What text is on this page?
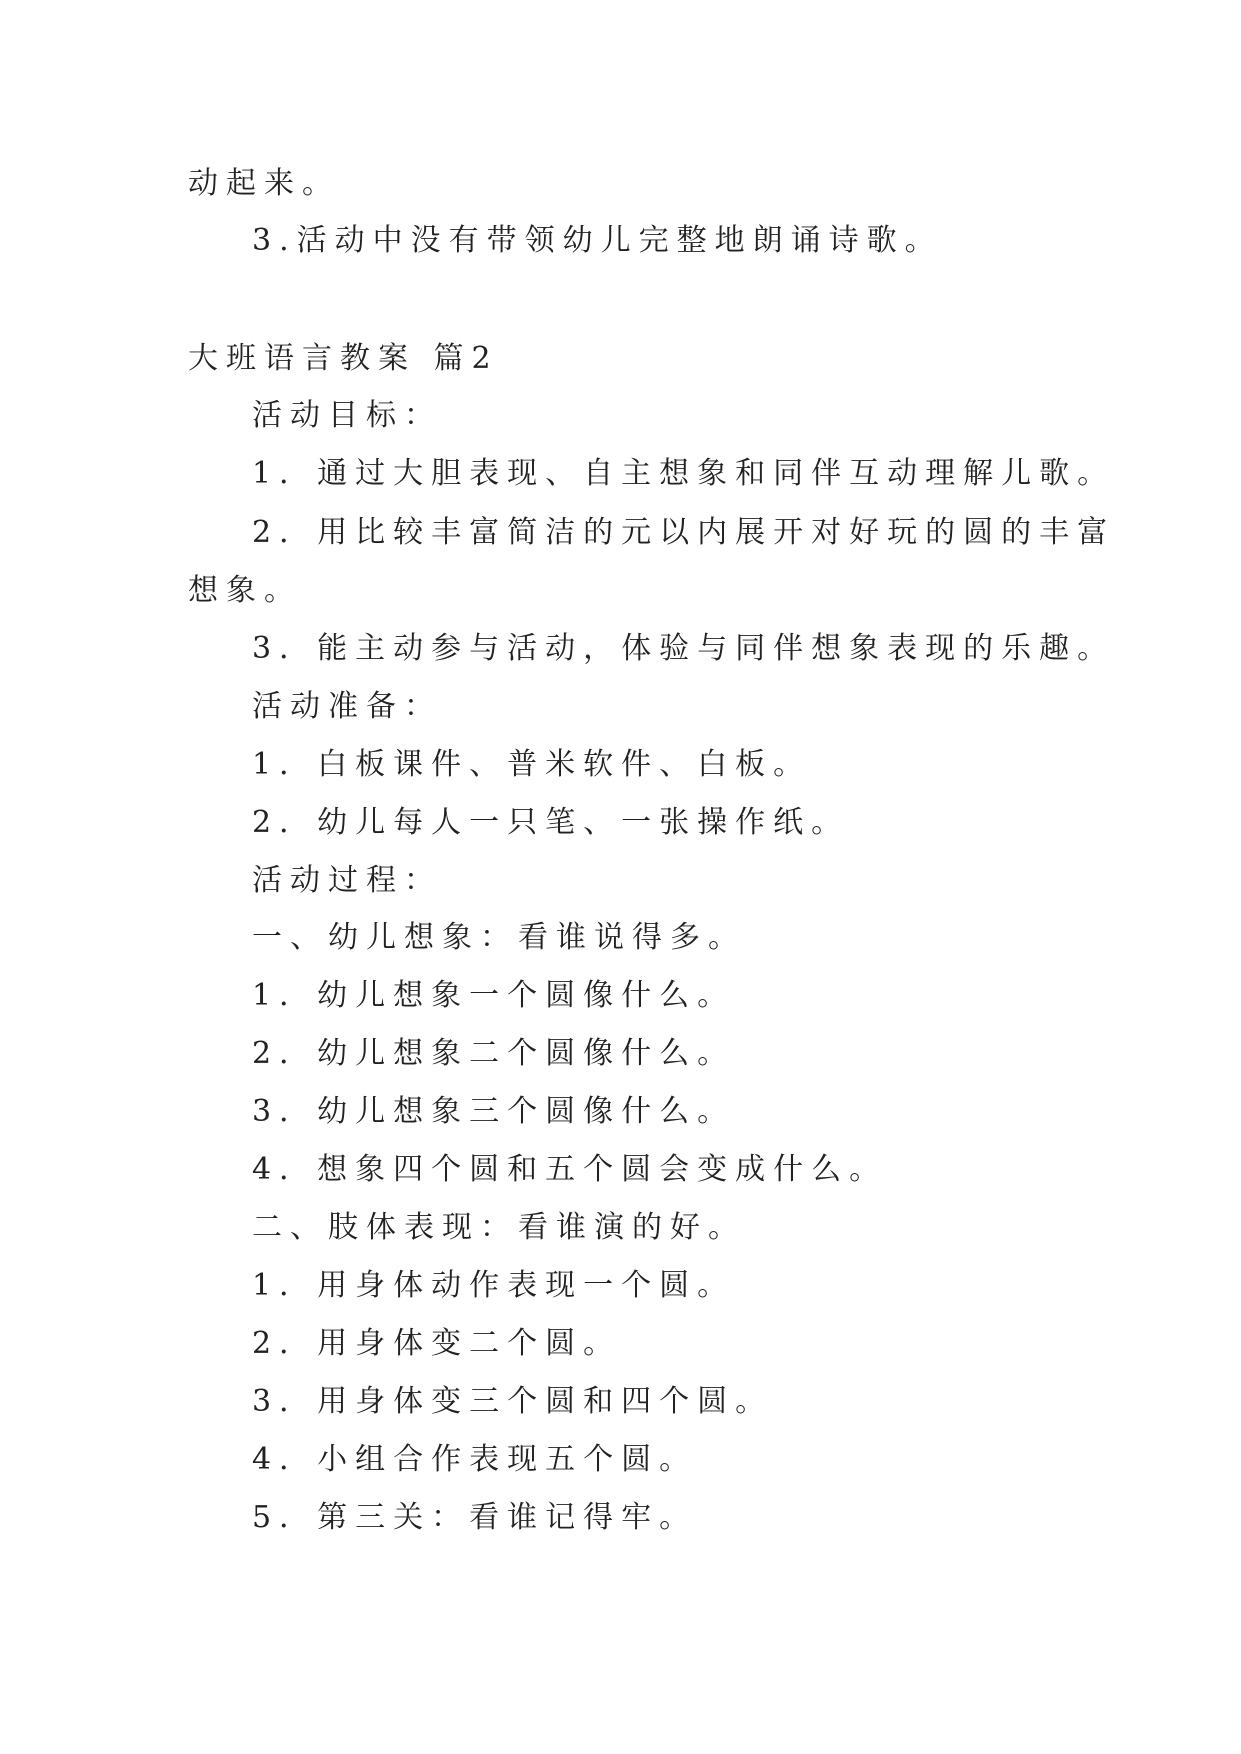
动起来。
3.活动中没有带领幼儿完整地朗诵诗歌。
大班语言教案 篇2
活动目标：
1．通过大胆表现、自主想象和同伴互动理解儿歌。
2．用比较丰富简洁的元以内展开对好玩的圆的丰富
想象。
3．能主动参与活动，体验与同伴想象表现的乐趣。
活动准备：
1．白板课件、普米软件、白板。
2．幼儿每人一只笔、一张操作纸。
活动过程：
一、幼儿想象：看谁说得多。
1．幼儿想象一个圆像什么。
2．幼儿想象二个圆像什么。
3．幼儿想象三个圆像什么。
4．想象四个圆和五个圆会变成什么。
二、肢体表现：看谁演的好。
1．用身体动作表现一个圆。
2．用身体变二个圆。
3．用身体变三个圆和四个圆。
4．小组合作表现五个圆。
5．第三关：看谁记得牢。
